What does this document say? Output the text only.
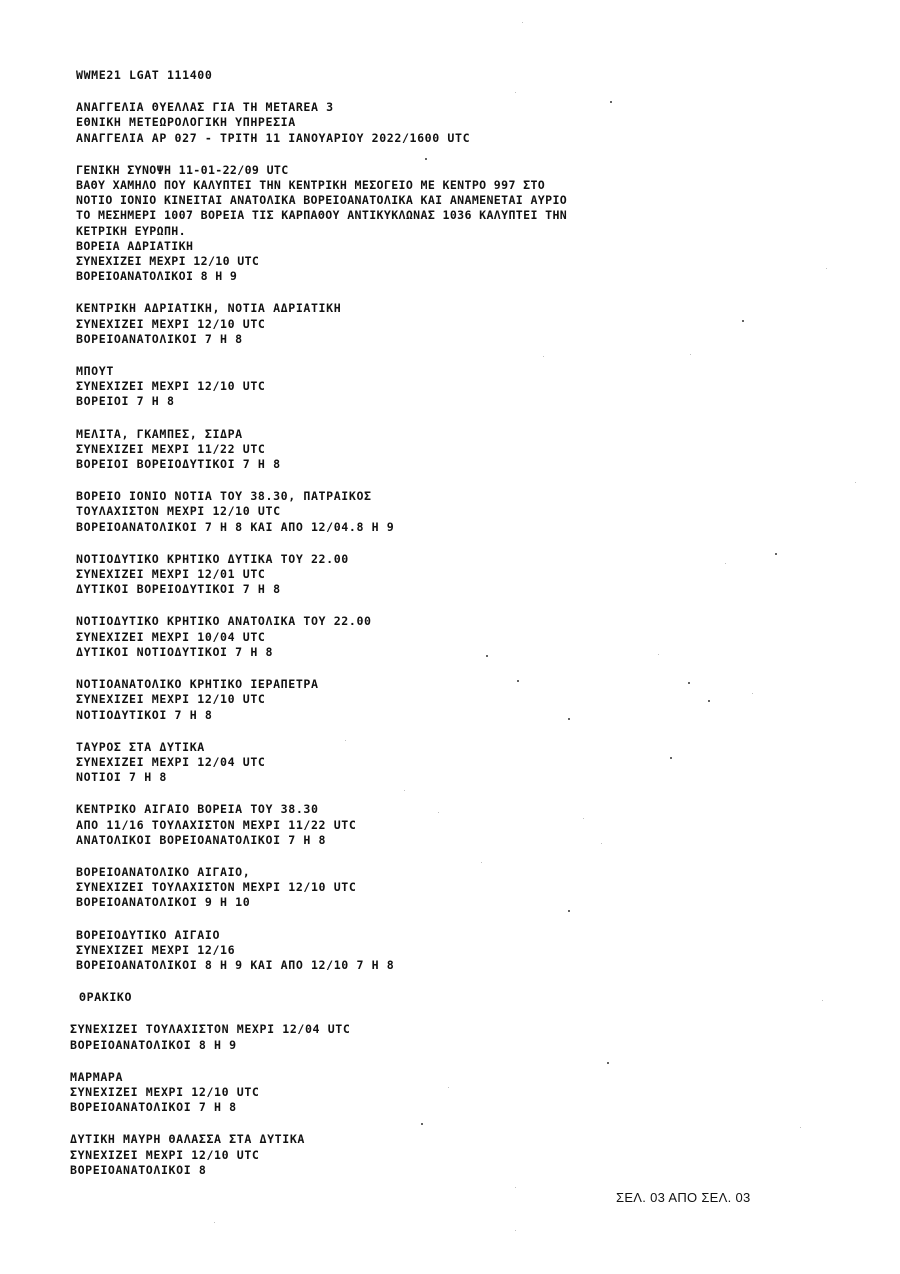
WWME21 LGAT 111400

ΑΝΑΓΓΕΛΙΑ ΘΥΕΛΛΑΣ ΓΙΑ ΤΗ METAREA 3

ΕΘΝΙΚΗ ΜΕΤΕΩΡΟΛΟΓΙΚΗ ΥΠΗΡΕΣΙΑ

ΑΝΑΓΓΕΛΙΑ ΑΡ 027 - ΤΡΙΤΗ 11 ΙΑΝΟΥΑΡΙΟΥ 2022/1600 UTC

ΓΕΝΙΚΗ ΣΥΝΟΨΗ 11-01-22/09 UTC

ΒΑΘΥ ΧΑΜΗΛΟ ΠΟΥ ΚΑΛΥΠΤΕΙ ΤΗΝ ΚΕΝΤΡΙΚΗ ΜΕΣΟΓΕΙΟ ΜΕ ΚΕΝΤΡΟ 997 ΣΤΟ

ΝΟΤΙΟ ΙΟΝΙΟ ΚΙΝΕΙΤΑΙ ΑΝΑΤΟΛΙΚΑ ΒΟΡΕΙΟΑΝΑΤΟΛΙΚΑ ΚΑΙ ΑΝΑΜΕΝΕΤΑΙ ΑΥΡΙΟ

ΤΟ ΜΕΣΗΜΕΡΙ 1007 ΒΟΡΕΙΑ ΤΙΣ ΚΑΡΠΑΘΟΥ ΑΝΤΙΚΥΚΛΩΝΑΣ 1036 ΚΑΛΥΠΤΕΙ ΤΗΝ

ΚΕΤΡΙΚΗ ΕΥΡΩΠΗ.

ΒΟΡΕΙΑ ΑΔΡΙΑΤΙΚΗ

ΣΥΝΕΧΙΖΕΙ ΜΕΧΡΙ 12/10 UTC

ΒΟΡΕΙΟΑΝΑΤΟΛΙΚΟΙ 8 Η 9

ΚΕΝΤΡΙΚΗ ΑΔΡΙΑΤΙΚΗ, ΝΟΤΙΑ ΑΔΡΙΑΤΙΚΗ

ΣΥΝΕΧΙΖΕΙ ΜΕΧΡΙ 12/10 UTC

ΒΟΡΕΙΟΑΝΑΤΟΛΙΚΟΙ 7 Η 8

ΜΠΟΥΤ

ΣΥΝΕΧΙΖΕΙ ΜΕΧΡΙ 12/10 UTC

ΒΟΡΕΙΟΙ 7 Η 8

ΜΕΛΙΤΑ, ΓΚΑΜΠΕΣ, ΣΙΔΡΑ

ΣΥΝΕΧΙΖΕΙ ΜΕΧΡΙ 11/22 UTC

ΒΟΡΕΙΟΙ ΒΟΡΕΙΟΔΥΤΙΚΟΙ 7 Η 8

ΒΟΡΕΙΟ ΙΟΝΙΟ ΝΟΤΙΑ ΤΟΥ 38.30, ΠΑΤΡΑΙΚΟΣ

ΤΟΥΛΑΧΙΣΤΟΝ ΜΕΧΡΙ 12/10 UTC

ΒΟΡΕΙΟΑΝΑΤΟΛΙΚΟΙ 7 Η 8 ΚΑΙ ΑΠΟ 12/04.8 Η 9

ΝΟΤΙΟΔΥΤΙΚΟ ΚΡΗΤΙΚΟ ΔΥΤΙΚΑ ΤΟΥ 22.00

ΣΥΝΕΧΙΖΕΙ ΜΕΧΡΙ 12/01 UTC

ΔΥΤΙΚΟΙ ΒΟΡΕΙΟΔΥΤΙΚΟΙ 7 Η 8

ΝΟΤΙΟΔΥΤΙΚΟ ΚΡΗΤΙΚΟ ΑΝΑΤΟΛΙΚΑ ΤΟΥ 22.00

ΣΥΝΕΧΙΖΕΙ ΜΕΧΡΙ 10/04 UTC

ΔΥΤΙΚΟΙ ΝΟΤΙΟΔΥΤΙΚΟΙ 7 Η 8

ΝΟΤΙΟΑΝΑΤΟΛΙΚΟ ΚΡΗΤΙΚΟ ΙΕΡΑΠΕΤΡΑ

ΣΥΝΕΧΙΖΕΙ ΜΕΧΡΙ 12/10 UTC

ΝΟΤΙΟΔΥΤΙΚΟΙ 7 Η 8

ΤΑΥΡΟΣ ΣΤΑ ΔΥΤΙΚΑ

ΣΥΝΕΧΙΖΕΙ ΜΕΧΡΙ 12/04 UTC

ΝΟΤΙΟΙ 7 Η 8

ΚΕΝΤΡΙΚΟ ΑΙΓΑΙΟ ΒΟΡΕΙΑ ΤΟΥ 38.30

ΑΠΟ 11/16 ΤΟΥΛΑΧΙΣΤΟΝ ΜΕΧΡΙ 11/22 UTC

ΑΝΑΤΟΛΙΚΟΙ ΒΟΡΕΙΟΑΝΑΤΟΛΙΚΟΙ 7 Η 8

ΒΟΡΕΙΟΑΝΑΤΟΛΙΚΟ ΑΙΓΑΙΟ,

ΣΥΝΕΧΙΖΕΙ ΤΟΥΛΑΧΙΣΤΟΝ ΜΕΧΡΙ 12/10 UTC

ΒΟΡΕΙΟΑΝΑΤΟΛΙΚΟΙ 9 Η 10

ΒΟΡΕΙΟΔΥΤΙΚΟ ΑΙΓΑΙΟ

ΣΥΝΕΧΙΖΕΙ ΜΕΧΡΙ 12/16

ΒΟΡΕΙΟΑΝΑΤΟΛΙΚΟΙ 8 Η 9 ΚΑΙ ΑΠΟ 12/10 7 Η 8

ΘΡΑΚΙΚΟ

ΣΥΝΕΧΙΖΕΙ ΤΟΥΛΑΧΙΣΤΟΝ ΜΕΧΡΙ 12/04 UTC

ΒΟΡΕΙΟΑΝΑΤΟΛΙΚΟΙ 8 Η 9

ΜΑΡΜΑΡΑ

ΣΥΝΕΧΙΖΕΙ ΜΕΧΡΙ 12/10 UTC

ΒΟΡΕΙΟΑΝΑΤΟΛΙΚΟΙ 7 Η 8

ΔΥΤΙΚΗ ΜΑΥΡΗ ΘΑΛΑΣΣΑ ΣΤΑ ΔΥΤΙΚΑ

ΣΥΝΕΧΙΖΕΙ ΜΕΧΡΙ 12/10 UTC

ΒΟΡΕΙΟΑΝΑΤΟΛΙΚΟΙ 8

ΣΕΛ. 03 ΑΠΟ ΣΕΛ. 03
